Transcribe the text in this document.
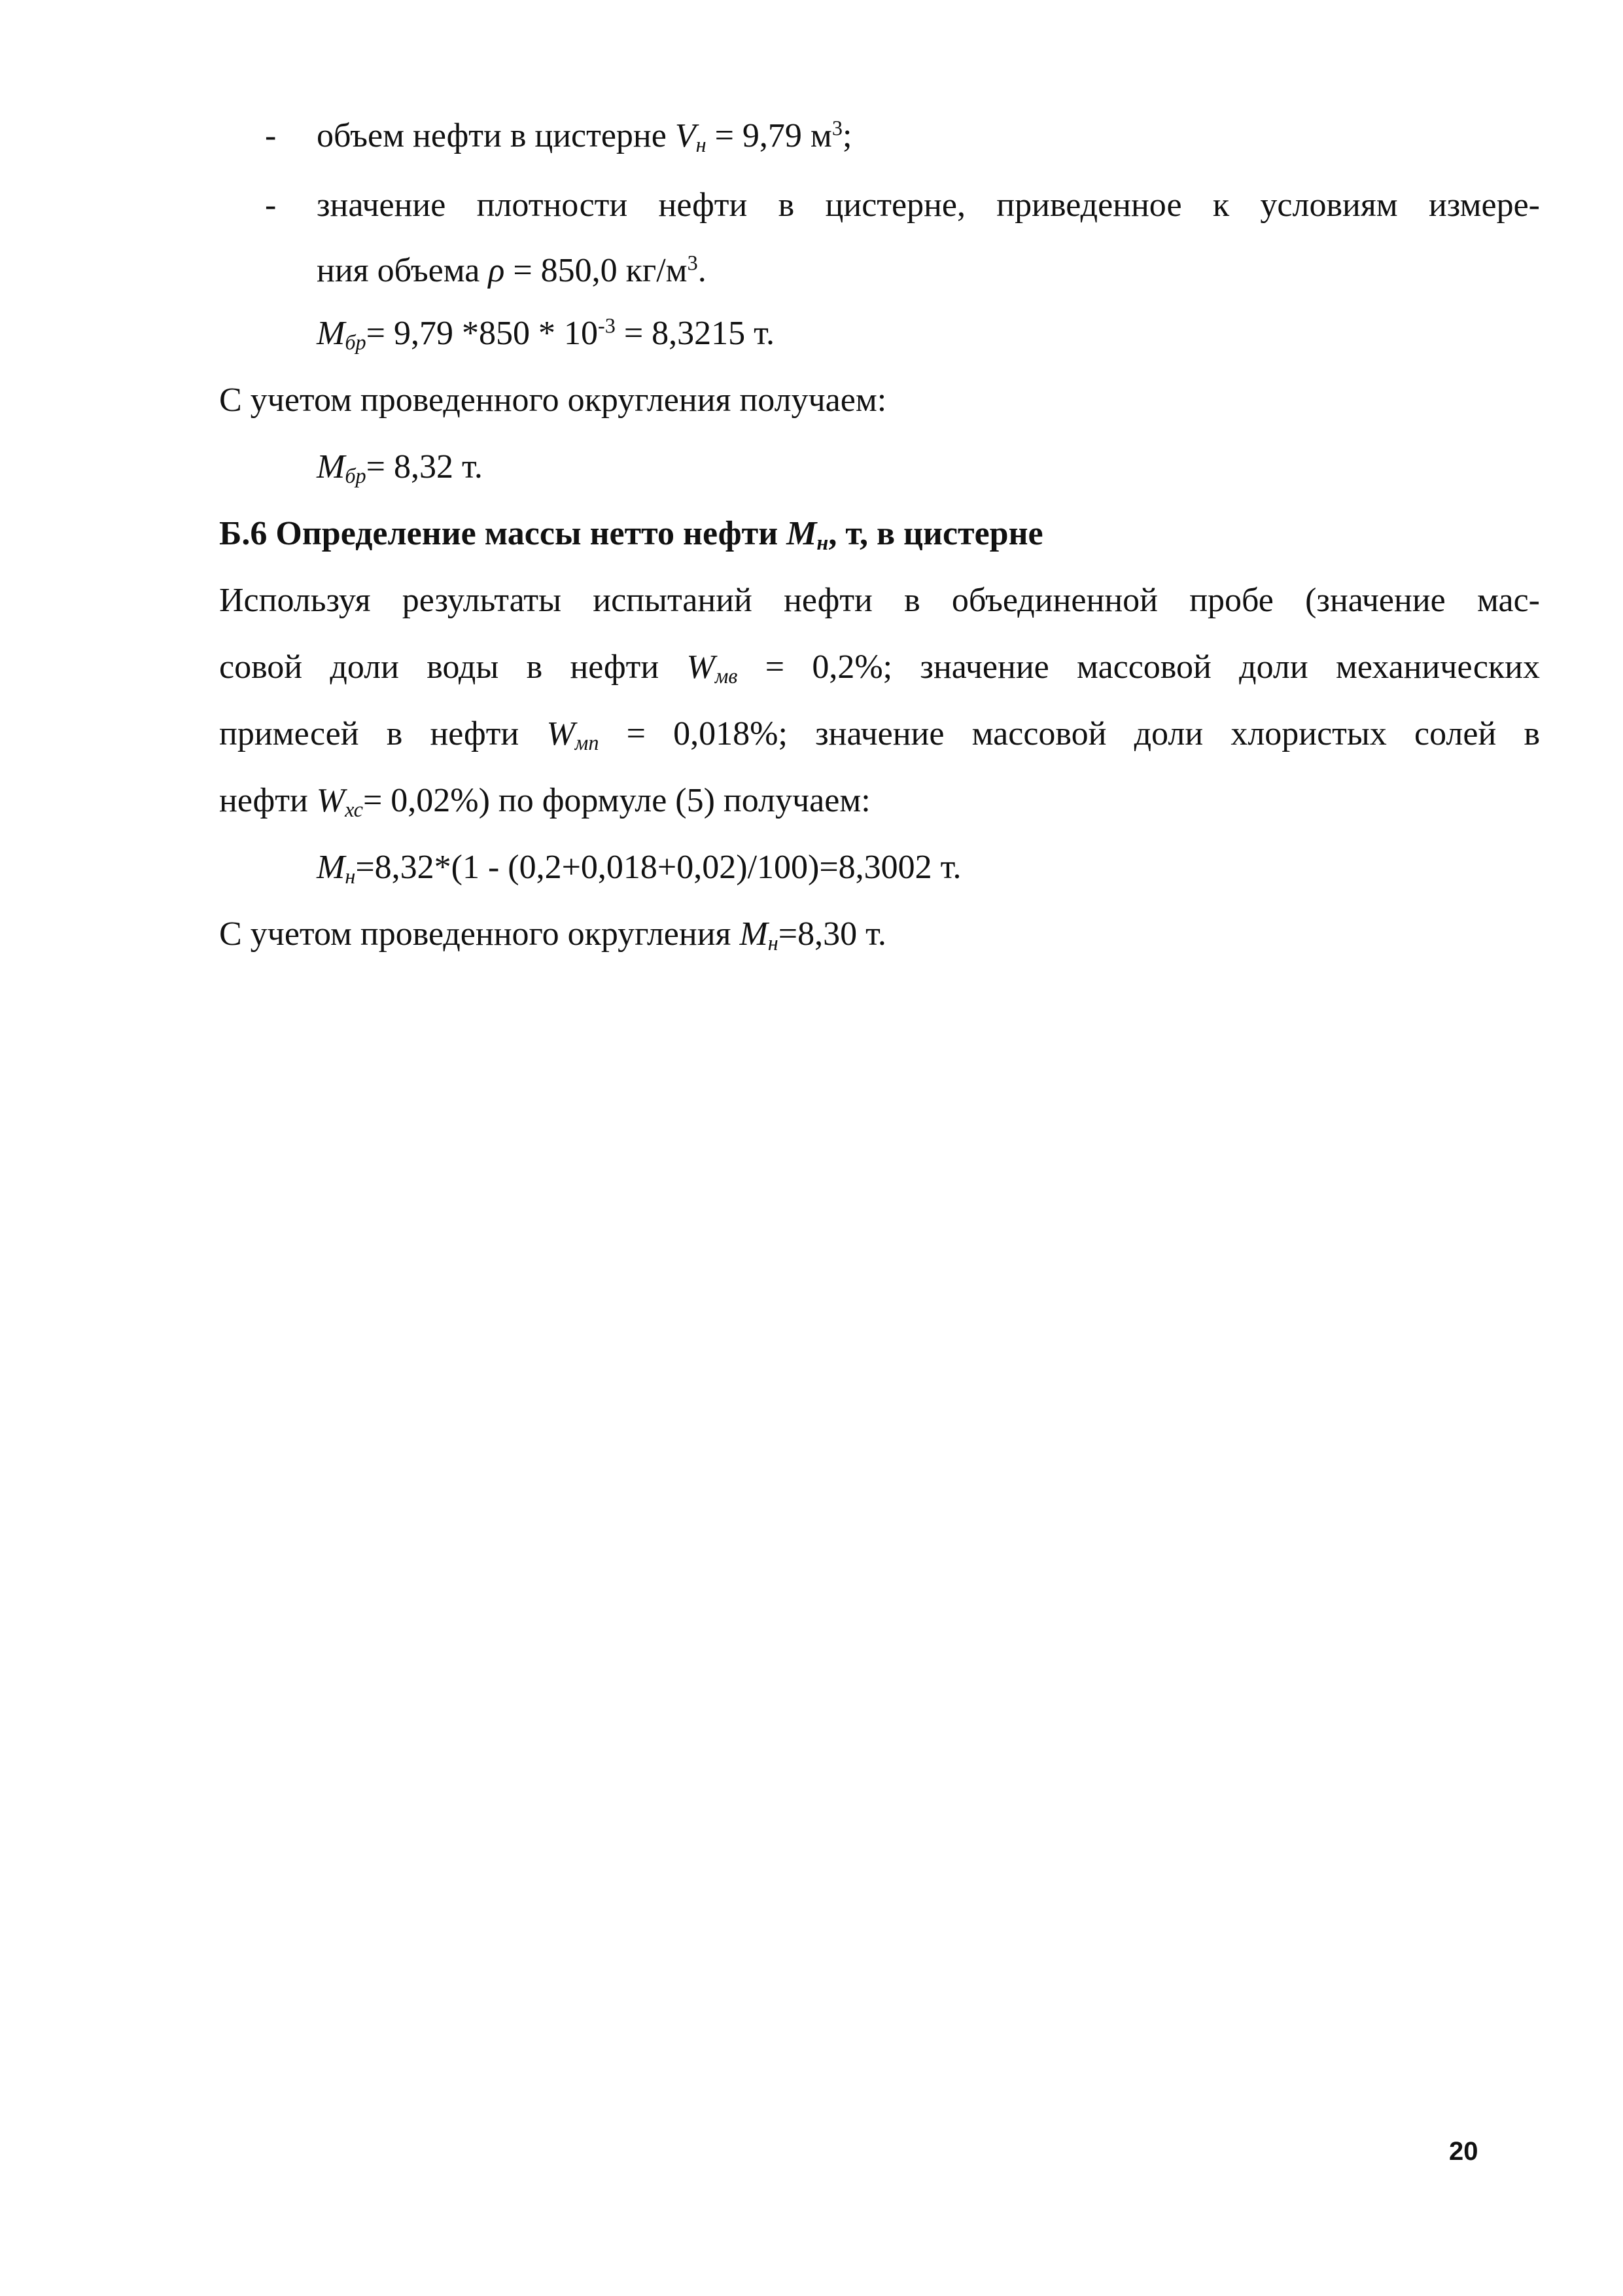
- объем нефти в цистерне $V_н = 9,79$ $м^3$;
- значение плотности нефти в цистерне, приведенное к условиям измере-
ния объема ρ = 850,0 $кг/м^3$.
$M_{бр}= 9,79$ $*850 * 10^{-3} = 8,3215$ т.
С учетом проведенного округления получаем:
$M_{бр}= 8,32$ т.
Б.6 Определение массы нетто нефти $M_н$, т, в цистерне
Используя результаты испытаний нефти в объединенной пробе (значение мас-
совой доли воды в нефти $W_{мв} = 0,2\%$; значение массовой доли механических
примесей в нефти $W_{мп} = 0,018\%$; значение массовой доли хлористых солей в
нефти $W_{хс}= 0,02\%$) по формуле (5) получаем:
$M_н=8,32*(1 - (0,2+0,018+0,02)/100)=8,3002$ т.
С учетом проведенного округления $M_н=8,30$ т.
20
